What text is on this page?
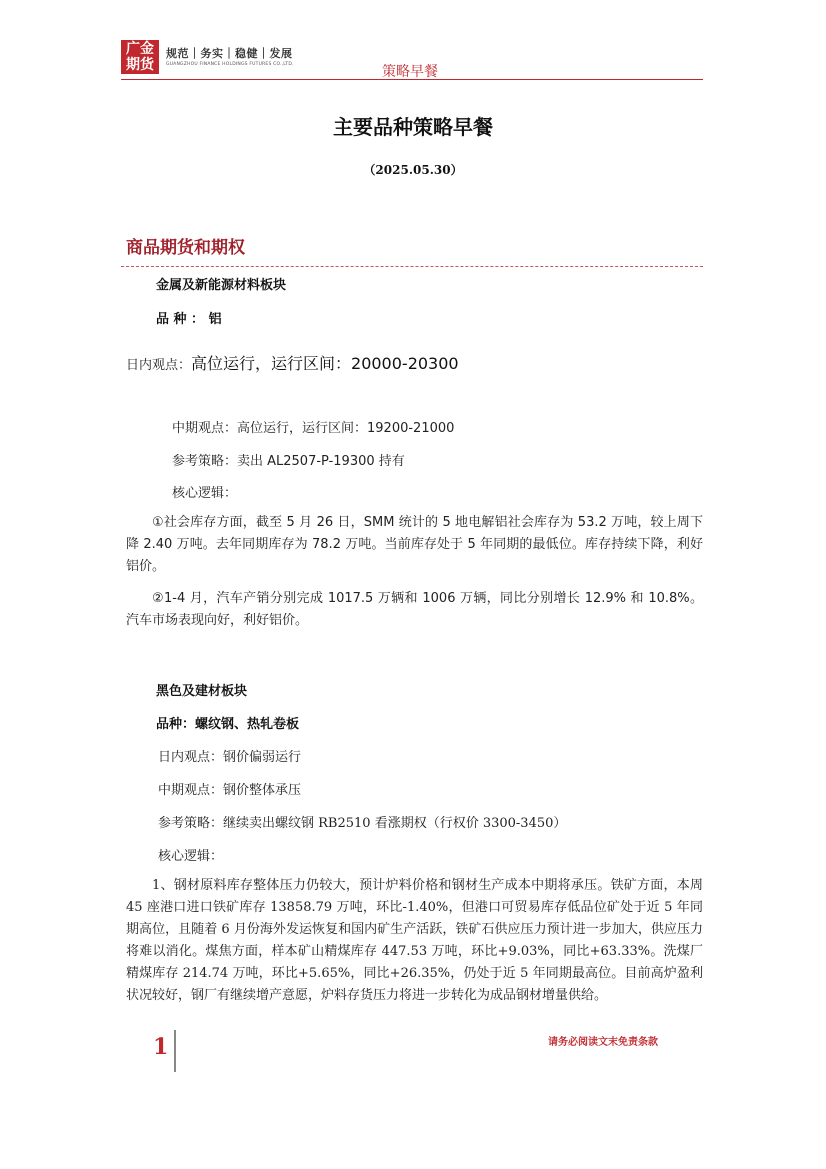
广金
期货
规范｜务实｜稳健｜发展
GUANGZHOU FINANCE HOLDINGS FUTURES CO.,LTD.	策略早餐
主要品种策略早餐
（2025.05.30）
商品期货和期权
金属及新能源材料板块
品 种 ： 铝
日内观点：高位运行，运行区间：20000-20300
中期观点：高位运行，运行区间：19200-21000
参考策略：卖出 AL2507-P-19300 持有
核心逻辑：
①社会库存方面，截至 5 月 26 日，SMM 统计的 5 地电解铝社会库存为 53.2 万吨，较上周下降 2.40 万吨。去年同期库存为 78.2 万吨。当前库存处于 5 年同期的最低位。库存持续下降，利好铝价。
②1-4 月，汽车产销分别完成 1017.5 万辆和 1006 万辆，同比分别增长 12.9% 和 10.8%。汽车市场表现向好，利好铝价。
黑色及建材板块
品种：螺纹钢、热轧卷板
日内观点：钢价偏弱运行
中期观点：钢价整体承压
参考策略：继续卖出螺纹钢 RB2510 看涨期权（行权价 3300-3450）
核心逻辑：
1、钢材原料库存整体压力仍较大，预计炉料价格和钢材生产成本中期将承压。铁矿方面，本周 45 座港口进口铁矿库存 13858.79 万吨，环比-1.40%，但港口可贸易库存低品位矿处于近 5 年同期高位，且随着 6 月份海外发运恢复和国内矿生产活跃，铁矿石供应压力预计进一步加大，供应压力将难以消化。煤焦方面，样本矿山精煤库存 447.53 万吨，环比+9.03%，同比+63.33%。洗煤厂精煤库存 214.74 万吨，环比+5.65%，同比+26.35%，仍处于近 5 年同期最高位。目前高炉盈利状况较好，钢厂有继续增产意愿，炉料存货压力将进一步转化为成品钢材增量供给。
1	请务必阅读文末免责条款
